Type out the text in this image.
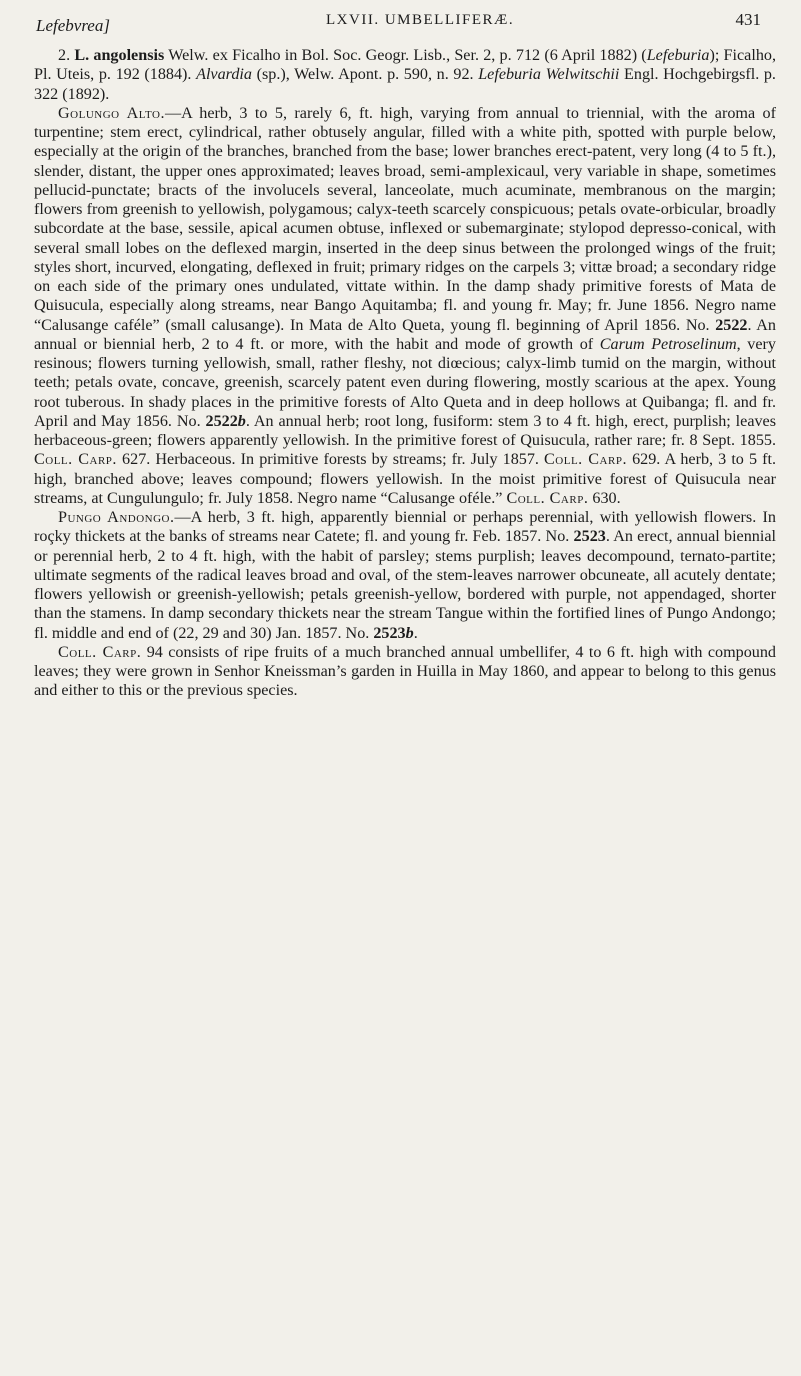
Lefebvrea]	LXVII. UMBELLIFERÆ.	431

2. L. angolensis Welw. ex Ficalho in Bol. Soc. Geogr. Lisb., Ser. 2, p. 712 (6 April 1882) (Lefeburia); Ficalho, Pl. Uteis, p. 192 (1884). Alvardia (sp.), Welw. Apont. p. 590, n. 92. Lefeburia Welwitschii Engl. Hochgebirgsfl. p. 322 (1892).

Golungo Alto.—A herb, 3 to 5, rarely 6, ft. high, varying from annual to triennial, with the aroma of turpentine; stem erect, cylindrical, rather obtusely angular, filled with a white pith, spotted with purple below, especially at the origin of the branches, branched from the base; lower branches erect-patent, very long (4 to 5 ft.), slender, distant, the upper ones approximated; leaves broad, semi-amplexicaul, very variable in shape, sometimes pellucid-punctate; bracts of the involucels several, lanceolate, much acuminate, membranous on the margin; flowers from greenish to yellowish, polygamous; calyx-teeth scarcely conspicuous; petals ovate-orbicular, broadly subcordate at the base, sessile, apical acumen obtuse, inflexed or subemarginate; stylopod depresso-conical, with several small lobes on the deflexed margin, inserted in the deep sinus between the prolonged wings of the fruit; styles short, incurved, elongating, deflexed in fruit; primary ridges on the carpels 3; vittæ broad; a secondary ridge on each side of the primary ones undulated, vittate within. In the damp shady primitive forests of Mata de Quisucula, especially along streams, near Bango Aquitamba; fl. and young fr. May; fr. June 1856. Negro name “Calusange cafélе” (small calusange). In Mata de Alto Queta, young fl. beginning of April 1856. No. 2522. An annual or biennial herb, 2 to 4 ft. or more, with the habit and mode of growth of Carum Petroselinum, very resinous; flowers turning yellowish, small, rather fleshy, not diœcious; calyx-limb tumid on the margin, without teeth; petals ovate, concave, greenish, scarcely patent even during flowering, mostly scarious at the apex. Young root tuberous. In shady places in the primitive forests of Alto Queta and in deep hollows at Quibanga; fl. and fr. April and May 1856. No. 2522b. An annual herb; root long, fusiform: stem 3 to 4 ft. high, erect, purplish; leaves herbaceous-green; flowers apparently yellowish. In the primitive forest of Quisucula, rather rare; fr. 8 Sept. 1855. Coll. Carp. 627. Herbaceous. In primitive forests by streams; fr. July 1857. Coll. Carp. 629. A herb, 3 to 5 ft. high, branched above; leaves compound; flowers yellowish. In the moist primitive forest of Quisucula near streams, at Cungulungulo; fr. July 1858. Negro name “Calusange oféle.” Coll. Carp. 630.

Pungo Andongo.—A herb, 3 ft. high, apparently biennial or perhaps perennial, with yellowish flowers. In roçky thickets at the banks of streams near Catete; fl. and young fr. Feb. 1857. No. 2523. An erect, annual biennial or perennial herb, 2 to 4 ft. high, with the habit of parsley; stems purplish; leaves decompound, ternato-partite; ultimate segments of the radical leaves broad and oval, of the stem-leaves narrower obcuneate, all acutely dentate; flowers yellowish or greenish-yellowish; petals greenish-yellow, bordered with purple, not appendaged, shorter than the stamens. In damp secondary thickets near the stream Tangue within the fortified lines of Pungo Andongo; fl. middle and end of (22, 29 and 30) Jan. 1857. No. 2523b.

Coll. Carp. 94 consists of ripe fruits of a much branched annual umbellifer, 4 to 6 ft. high with compound leaves; they were grown in Senhor Kneissman’s garden in Huilla in May 1860, and appear to belong to this genus and either to this or the previous species.
